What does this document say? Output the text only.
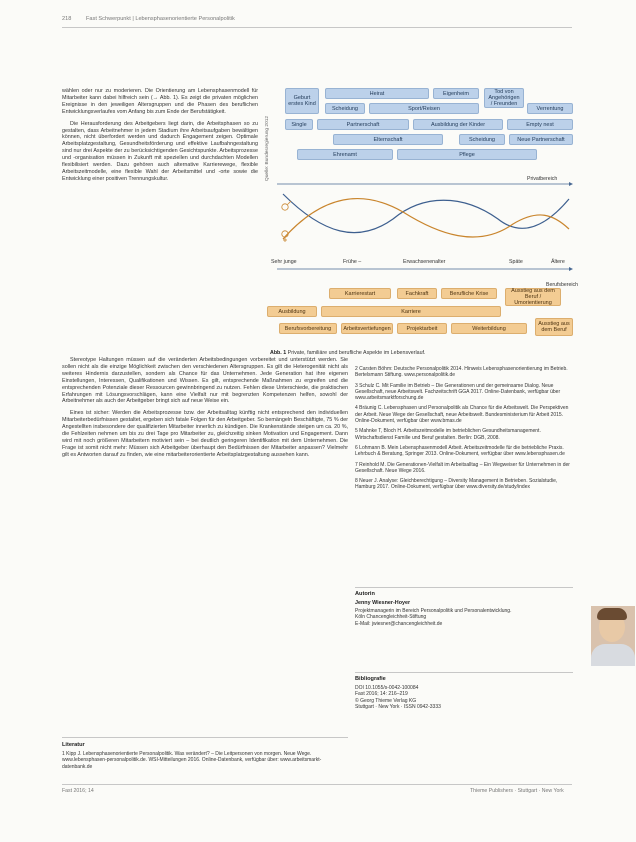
218	Fast Schwerpunkt | Lebensphasenorientierte Personalpolitik

wählen oder nur zu moderieren. Die Orientierung am Lebensphasenmodell für Mitarbeiter kann dabei hilfreich sein (→ Abb. 1). Es zeigt die privaten möglichen Ereignisse in den jeweiligen Altersgruppen und die Phasen des beruflichen Entwicklungsverlaufes vom Anfang bis zum Ende der Berufstätigkeit.

Die Herausforderung des Arbeitgebers liegt darin, die Arbeitsphasen so zu gestalten, dass Arbeitnehmer in jedem Stadium ihre Arbeitsaufgaben bewältigen können, nicht überfordert werden und dadurch Engagement zeigen. Optimale Arbeitsplatzgestaltung, Gesundheitsförderung und effektive Laufbahngestaltung sind nur drei Aspekte der zu berücksichtigenden Gesichtspunkte. Arbeitsprozesse und -organisation müssen in Zukunft mit speziellen und durchdachten Modellen flexibilisiert werden. Dazu gehören auch alternative Karrierewege, flexible Arbeitszeitmodelle, eine flexible Wahl der Arbeitsmittel und -orte sowie die Entwicklung einer positiven Trennungskultur.	Quelle: Bundesregierung 2012
Geburt erstes Kind
Heirat	Eigenheim	Tod von Angehörigen / Freunden
Scheidung	Sport/Reisen	Verrentung
Single	Partnerschaft	Ausbildung der Kinder	Empty nest
Elternschaft	Scheidung	Neue Partnerschaft
Ehrenamt	Pflege
Privatbereich
Sehr junge	Frühe –	Erwachsenenalter	Späte	Ältere
Berufsbereich
Karrierestart	Fachkraft	Berufliche Krise	Ausstieg aus dem Beruf / Umorientierung
Ausbildung	Karriere
Berufsvorbereitung	Arbeitsvertiefungen	Projektarbeit	Weiterbildung
Ausstieg aus dem Beruf
Abb. 1 Private, familiäre und berufliche Aspekte im Lebensverlauf.

Stereotype Haltungen müssen auf die veränderten Arbeitsbedingungen vorbereitet und unterstützt werden. Sie sollen nicht als die einzige Möglichkeit zwischen den verschiedenen Altersgruppen. Es gilt die Heterogenität nicht als weiteres Hindernis darzustellen, sondern als Chance für das Unternehmen. Jede Generation hat ihre eigenen Einstellungen, Interessen, Qualifikationen und Wissen. Es gilt, entsprechende Maßnahmen zu ergreifen und die entsprechenden Potenziale dieser Ressourcen gewinnbringend zu nutzen. Fehlen diese Unterschiede, die praktischen Erfahrungen mit Lösungsvorschlägen, kann eine Vielfalt nur mit begrenzten Kompetenzen helfen, sowohl der Arbeitnehmer als auch der Arbeitgeber bringt sich auf neue Weise ein.

Eines ist sicher: Werden die Arbeitsprozesse bzw. der Arbeitsalltag künftig nicht entsprechend den individuellen Mitarbeiterbedürfnissen gestaltet, ergeben sich fatale Folgen für den Arbeitgeber. So bemängeln Beschäftigte, 75 % der Angestellten insbesondere der qualifizierten Mitarbeiter innerlich zu kündigen. Die Krankenstände steigen um ca. 20 %, die Fehlzeiten nehmen um bis zu drei Tage pro Mitarbeiter zu, gleichzeitig sinken Motivation und Engagement. Dann wird mit noch größeren Mitarbeitern motiviert sein – bei deutlich geringeren Identifikation mit dem Unternehmen. Die Frage ist somit nicht mehr: Müssen sich Arbeitgeber überhaupt den Bedürfnissen der Mitarbeiter anpassen? Vielmehr gilt es Antworten darauf zu finden, wie eine mitarbeiterorientierte Arbeitsplatzgestaltung aussehen kann.

Literatur
1 Kipp J. Lebensphasenorientierte Personalpolitik. Was verändert? – Die Leitpersonen von morgen. Neue Wege. www.lebensphasen-personalpolitik.de. WSI-Mitteilungen 2016. Online-Datenbank, verfügbar über: www.arbeitsmarkt-datenbank.de
2 Carsten Böhm: Deutsche Personalpolitik 2014. Hinweis Lebensphasenorientierung im Betrieb. Bertelsmann Stiftung. www.personalpolitik.de
3 Schulz C. Mit Familie im Betrieb – Die Generationen und der gemeinsame Dialog. Neue Gesellschaft, neue Arbeitswelt. Fachzeitschrift GGA 2017. Online-Datenbank, verfügbar über www.arbeitsmarktforschung.de
4 Bräunig C. Lebensphasen und Personalpolitik als Chance für die Arbeitswelt. Die Perspektiven der Arbeit. Neue Wege der Gesellschaft, neue Arbeitswelt. Bundesministerium für Arbeit 2015. Online-Dokument, verfügbar über www.bmas.de
5 Mahnke T, Bloch H. Arbeitszeitmodelle im betrieblichen Gesundheitsmanagement. Wirtschaftsdienst Familie und Beruf gestalten. Berlin: DGB, 2008.
6 Lohmann B. Mein Lebensphasenmodell Arbeit. Arbeitszeitmodelle für die betriebliche Praxis. Lehrbuch & Beratung, Springer 2013. Online-Dokument, verfügbar über www.lebensphasen.de
7 Reinhold M. Die Generationen-Vielfalt im Arbeitsalltag – Ein Wegweiser für Unternehmen in der Gesellschaft. Neue Wege 2016.
8 Neuer J. Analyse: Gleichberechtigung – Diversity Management in Betrieben. Sozialstudie, Hamburg 2017. Online-Dokument, verfügbar über www.diversity.de/study/index
Autorin
Jenny Wiesner-Hoyer
Projektmanagerin im Bereich Personalpolitik und Personalentwicklung. Köln Chancengleichheit-Stiftung
E-Mail: jwiesner@chancengleichheit.de
Bibliografie
DOI 10.1055/s-0042-100084
Fast 2016; 14: 216–219
© Georg Thieme Verlag KG
Stuttgart · New York · ISSN 0942-3333
Fast 2016; 14	Thieme Publishers · Stuttgart · New York
